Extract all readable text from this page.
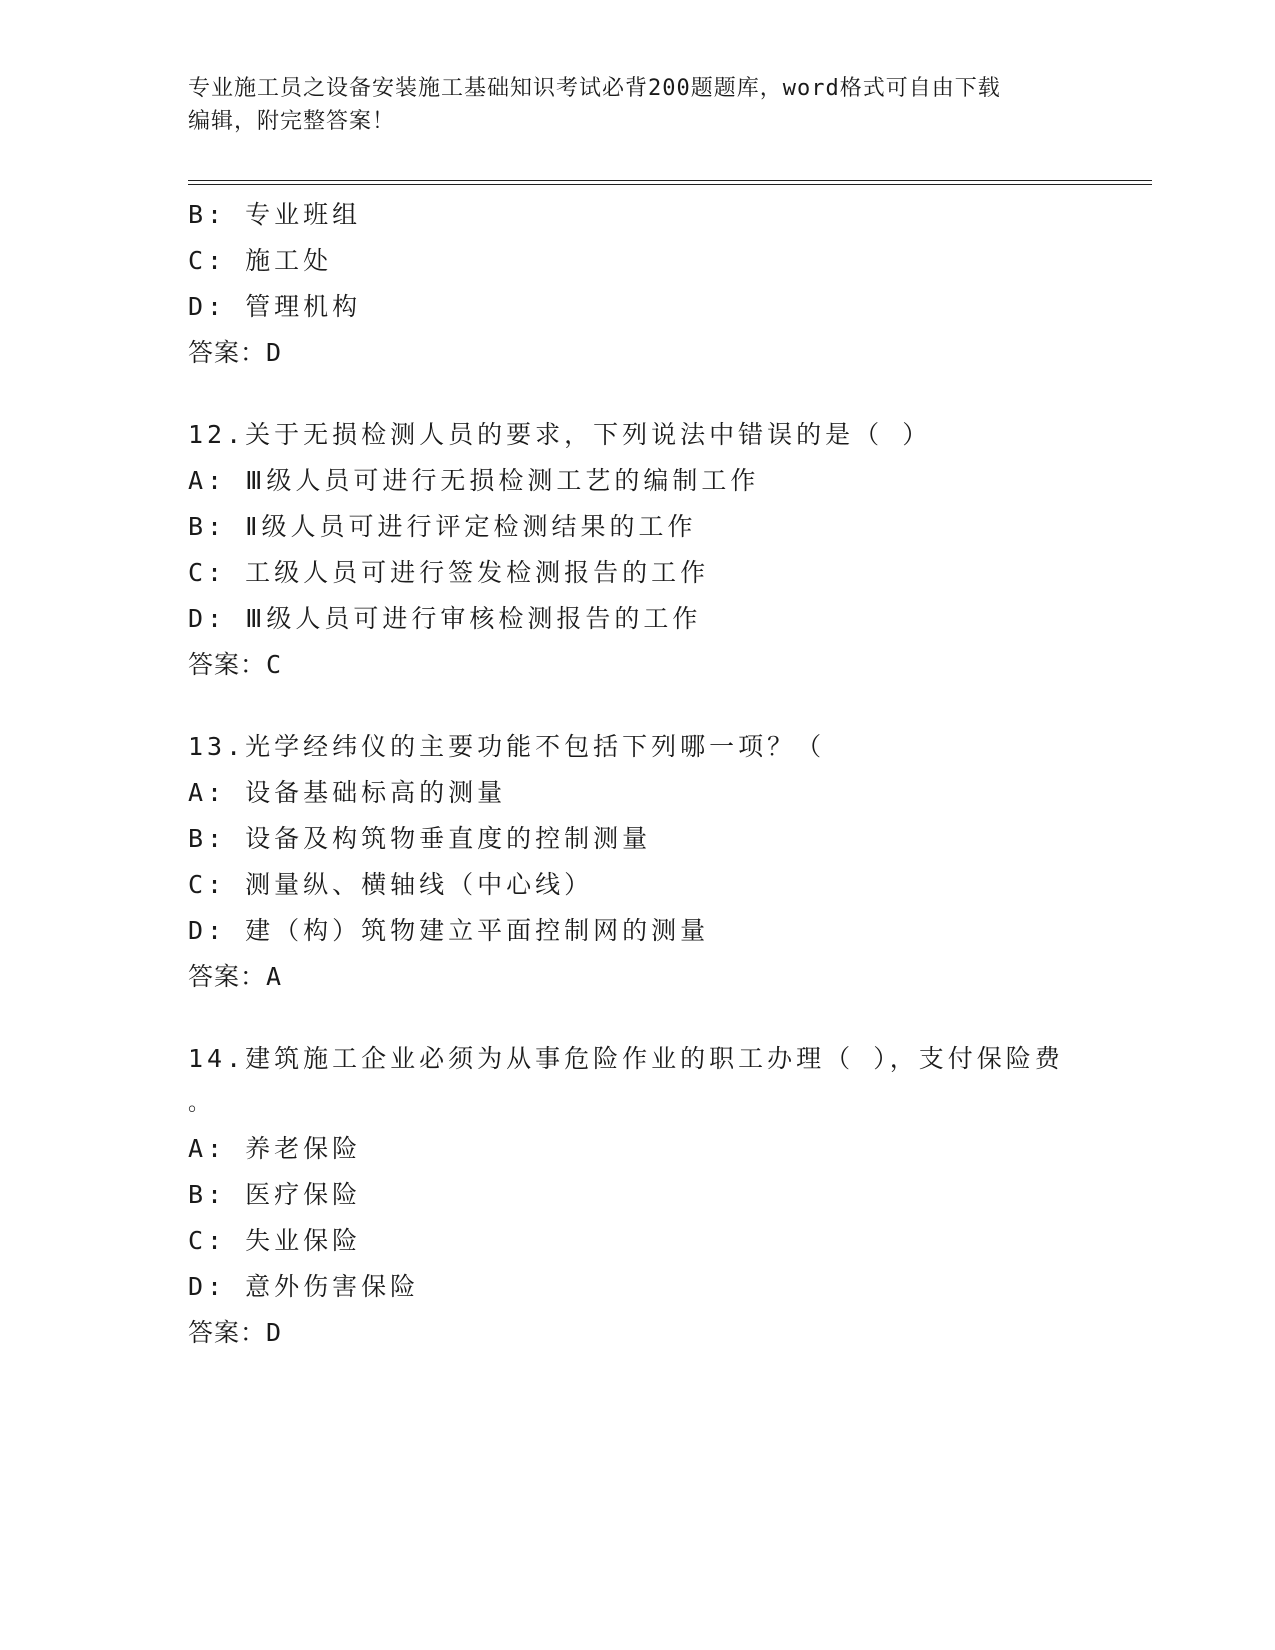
专业施工员之设备安装施工基础知识考试必背200题题库，word格式可自由下载
编辑，附完整答案！
B: 专业班组
C: 施工处
D: 管理机构
答案：D
12.关于无损检测人员的要求，下列说法中错误的是（ ）
A: Ⅲ级人员可进行无损检测工艺的编制工作
B: Ⅱ级人员可进行评定检测结果的工作
C: 工级人员可进行签发检测报告的工作
D: Ⅲ级人员可进行审核检测报告的工作
答案：C
13.光学经纬仪的主要功能不包括下列哪一项？（
A: 设备基础标高的测量
B: 设备及构筑物垂直度的控制测量
C: 测量纵、横轴线（中心线）
D: 建（构）筑物建立平面控制网的测量
答案：A
14.建筑施工企业必须为从事危险作业的职工办理（ ），支付保险费
。
A: 养老保险
B: 医疗保险
C: 失业保险
D: 意外伤害保险
答案：D
